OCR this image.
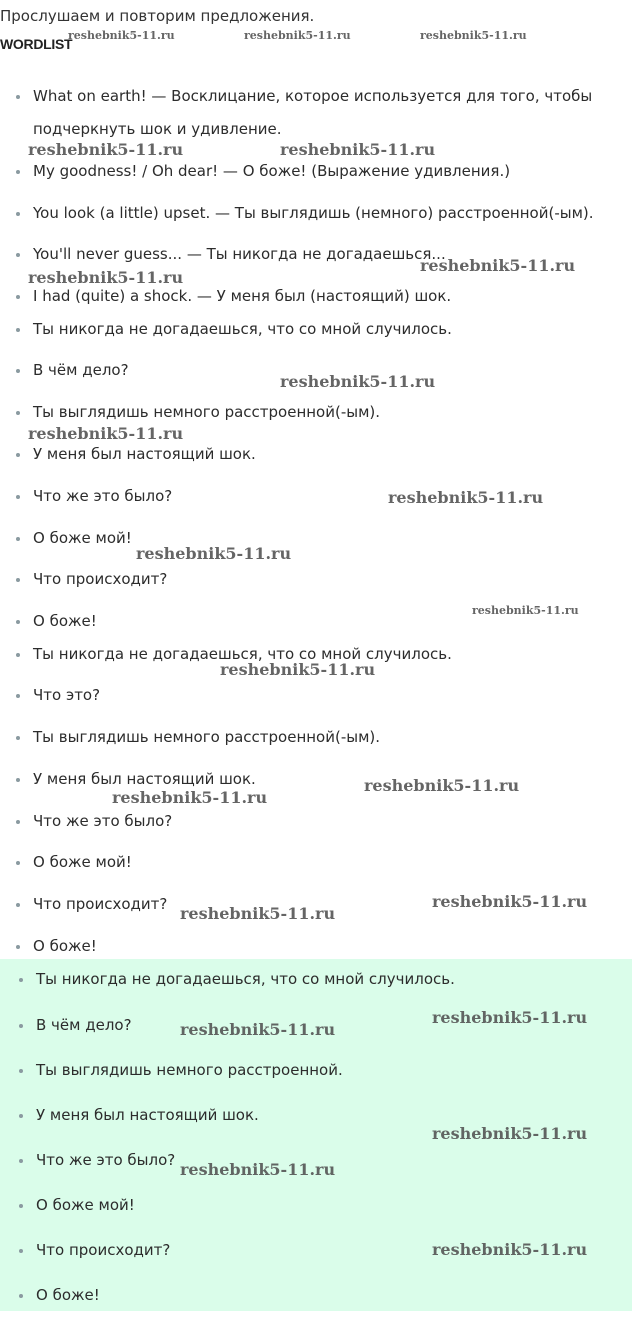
Прослушаем и повторим предложения.
WORDLIST
What on earth! — Восклицание, которое используется для того, чтобы
My goodness! / Oh dear! — О боже! (Выражение удивления.)
You look (a little) upset. — Ты выглядишь (немного) расстроенной(-ым).
You'll never guess... — Ты никогда не догадаешься...
I had (quite) a shock. — У меня был (настоящий) шок.
подчеркнуть шок и удивление.
Ты никогда не догадаешься, что со мной случилось.
В чём дело?
Ты выглядишь немного расстроенной(-ым).
У меня был настоящий шок.
Что же это было?
О боже мой!
Что происходит?
О боже!
Ты никогда не догадаешься, что со мной случилось.
Что это?
Ты выглядишь немного расстроенной(-ым).
У меня был настоящий шок.
Что же это было?
О боже мой!
Что происходит?
О боже!
Ты никогда не догадаешься, что со мной случилось.
В чём дело?
Ты выглядишь немного расстроенной.
У меня был настоящий шок.
Что же это было?
О боже мой!
Что происходит?
О боже!
reshebnik5-11.ru	reshebnik5-11.ru	reshebnik5-11.ru
reshebnik5-11.ru	reshebnik5-11.ru
reshebnik5-11.ru
reshebnik5-11.ru
reshebnik5-11.ru
reshebnik5-11.ru
reshebnik5-11.ru
reshebnik5-11.ru
reshebnik5-11.ru
reshebnik5-11.ru
reshebnik5-11.ru
reshebnik5-11.ru
reshebnik5-11.ru
reshebnik5-11.ru
reshebnik5-11.ru
reshebnik5-11.ru
reshebnik5-11.ru
reshebnik5-11.ru
reshebnik5-11.ru
